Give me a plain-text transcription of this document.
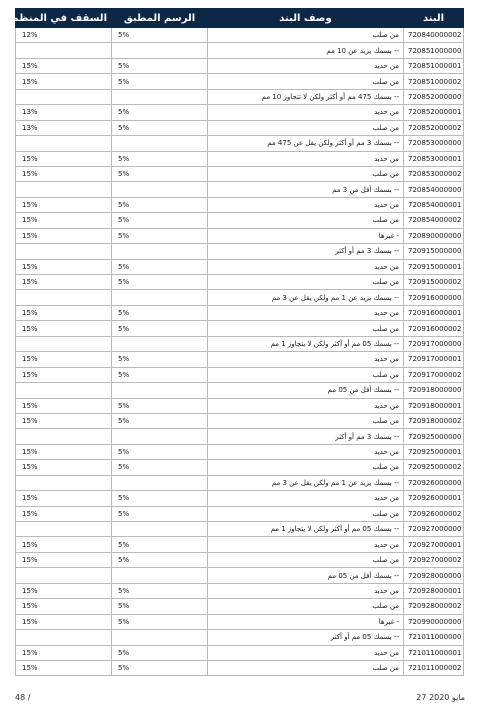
البند	وصف البند	الرسم المطبق	السقف في المنظمة
720840000002	من صلب	5%	12%
720851000000	-- بسمك يزيد عن 10 مم		
720851000001	من حديد	5%	15%
720851000002	من صلب	5%	15%
720852000000	-- بسمك 475 مم أو أكثر ولكن لا تتجاوز 10 مم		
720852000001	من حديد	5%	13%
720852000002	من صلب	5%	13%
720853000000	-- بسمك 3 مم أو أكثر ولكن يقل عن 475 مم		
720853000001	من حديد	5%	15%
720853000002	من صلب	5%	15%
720854000000	-- بسمك أقل من 3 مم		
720854000001	من حديد	5%	15%
720854000002	من صلب	5%	15%
720890000000	- غيرها	5%	15%
720915000000	-- بسمك 3 مم أو أكثر		
720915000001	من حديد	5%	15%
720915000002	من صلب	5%	15%
720916000000	-- بسمك يزيد عن 1 مم ولكن يقل عن 3 مم		
720916000001	من حديد	5%	15%
720916000002	من صلب	5%	15%
720917000000	-- بسمك 05 مم أو أكثر ولكن لا يتجاوز 1 مم		
720917000001	من حديد	5%	15%
720917000002	من صلب	5%	15%
720918000000	-- بسمك أقل من 05 مم		
720918000001	من حديد	5%	15%
720918000002	من صلب	5%	15%
720925000000	-- بسمك 3 مم أو أكثر		
720925000001	من حديد	5%	15%
720925000002	من صلب	5%	15%
720926000000	-- بسمك يزيد عن 1 مم ولكن يقل عن 3 مم		
720926000001	من حديد	5%	15%
720926000002	من صلب	5%	15%
720927000000	-- بسمك 05 مم أو أكثر ولكن لا يتجاوز 1 مم		
720927000001	من حديد	5%	15%
720927000002	من صلب	5%	15%
720928000000	-- بسمك أقل من 05 مم		
720928000001	من حديد	5%	15%
720928000002	من صلب	5%	15%
720990000000	- غيرها	5%	15%
721011000000	-- بسمك 05 مم أو أكثر		
721011000001	من حديد	5%	15%
721011000002	من صلب	5%	15%
48 /	27 مايو 2020
